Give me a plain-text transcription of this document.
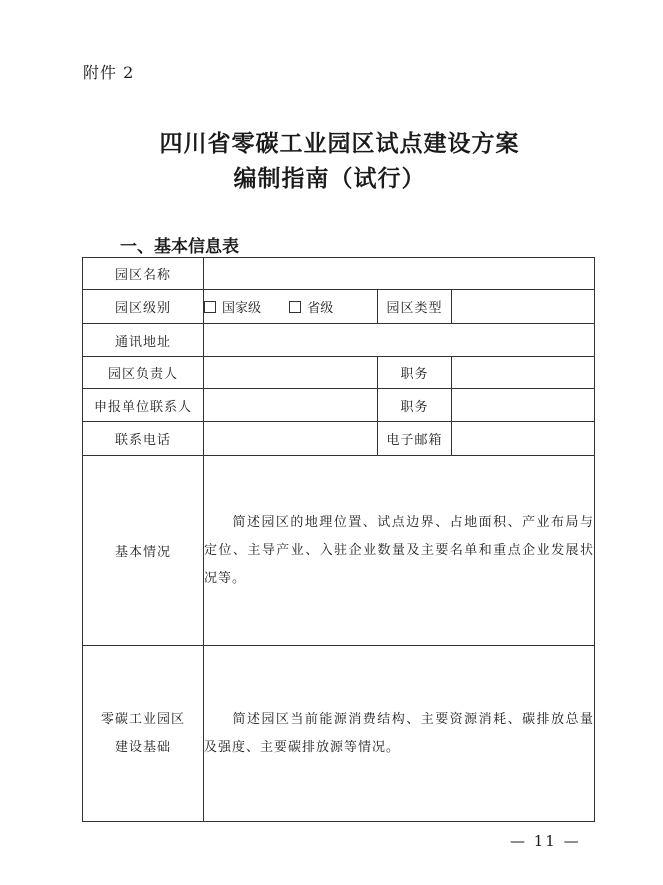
附件 2
四川省零碳工业园区试点建设方案
编制指南（试行）
一、基本信息表
园区名称			
园区级别	国家级 省级	园区类型	
通讯地址			
园区负责人		职务	
申报单位联系人		职务	
联系电话		电子邮箱	
基本情况	简述园区的地理位置、试点边界、占地面积、产业布局与定位、主导产业、入驻企业数量及主要名单和重点企业发展状况等。		

零碳工业园区
建设基础	简述园区当前能源消费结构、主要资源消耗、碳排放总量及强度、主要碳排放源等情况。		
— 11 —
